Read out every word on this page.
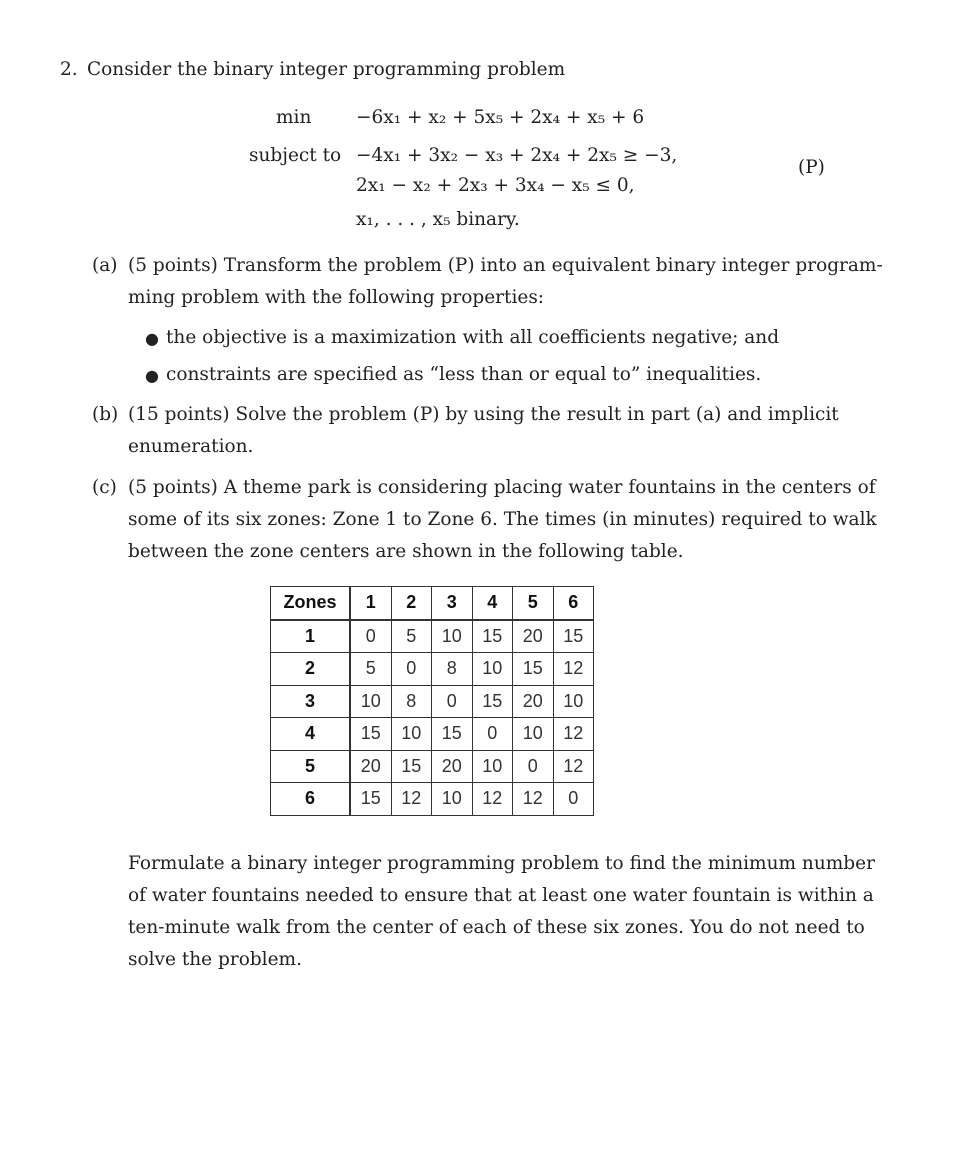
2. Consider the binary integer programming problem
min −6x₁ + x₂ + 5x₅ + 2x₄ + x₅ + 6
subject to −4x₁ + 3x₂ − x₃ + 2x₄ + 2x₅ ≥ −3,
2x₁ − x₂ + 2x₃ + 3x₄ − x₅ ≤ 0,
x₁, . . . , x₅ binary.
(P)
(a) (5 points) Transform the problem (P) into an equivalent binary integer program-
ming problem with the following properties:
● the objective is a maximization with all coefficients negative; and
● constraints are specified as “less than or equal to” inequalities.
(b) (15 points) Solve the problem (P) by using the result in part (a) and implicit
enumeration.
(c) (5 points) A theme park is considering placing water fountains in the centers of
some of its six zones: Zone 1 to Zone 6. The times (in minutes) required to walk
between the zone centers are shown in the following table.
Zones	1	2	3	4	5	6
1	0	5	10	15	20	15
2	5	0	8	10	15	12
3	10	8	0	15	20	10
4	15	10	15	0	10	12
5	20	15	20	10	0	12
6	15	12	10	12	12	0
Formulate a binary integer programming problem to find the minimum number
of water fountains needed to ensure that at least one water fountain is within a
ten-minute walk from the center of each of these six zones. You do not need to
solve the problem.
